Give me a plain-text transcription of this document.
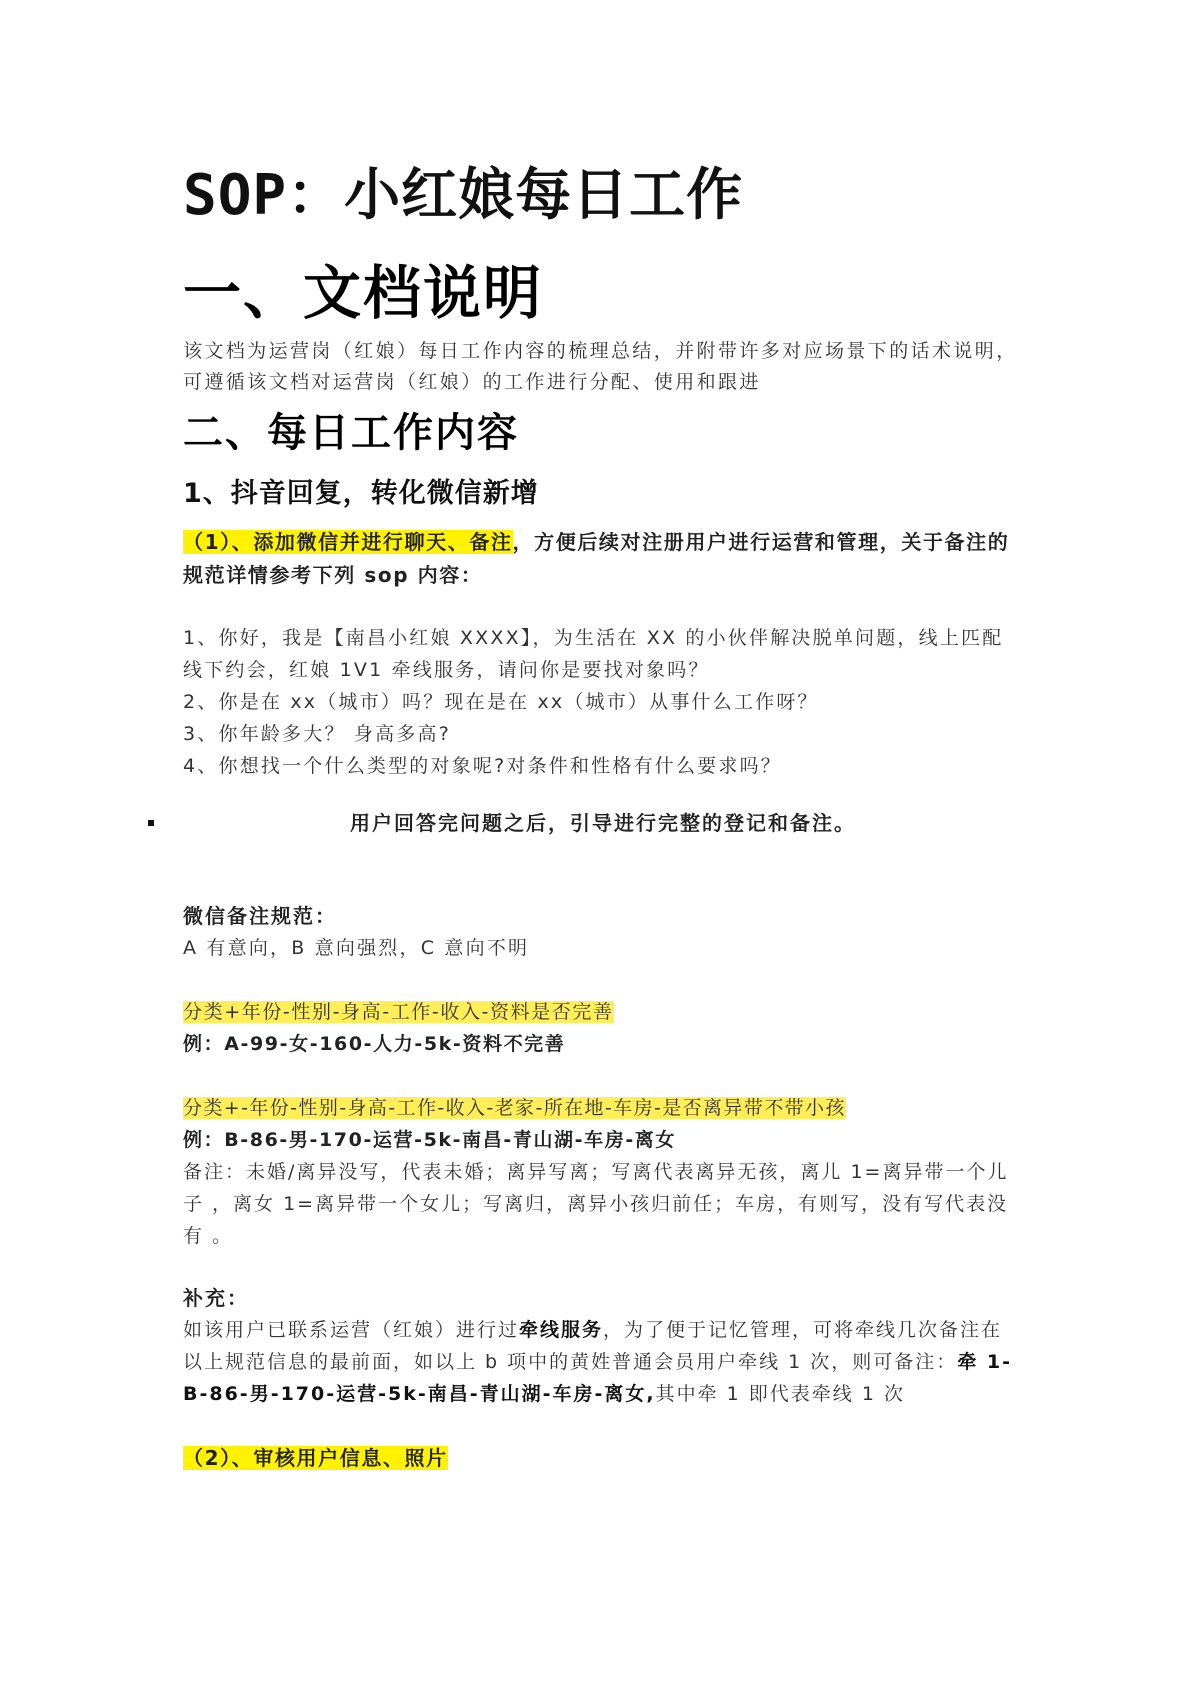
SOP：小红娘每日工作
一、文档说明
该文档为运营岗（红娘）每日工作内容的梳理总结，并附带许多对应场景下的话术说明，可遵循该文档对运营岗（红娘）的工作进行分配、使用和跟进
二、每日工作内容
1、抖音回复，转化微信新增
（1）、添加微信并进行聊天、备注，方便后续对注册用户进行运营和管理，关于备注的规范详情参考下列 sop 内容：
1、你好，我是【南昌小红娘 XXXX】，为生活在 XX 的小伙伴解决脱单问题，线上匹配线下约会，红娘 1V1 牵线服务，请问你是要找对象吗？
2、你是在 xx（城市）吗？现在是在 xx（城市）从事什么工作呀？
3、你年龄多大？ 身高多高?
4、你想找一个什么类型的对象呢?对条件和性格有什么要求吗？
用户回答完问题之后，引导进行完整的登记和备注。
微信备注规范：
A 有意向，B 意向强烈，C 意向不明
分类+年份-性别-身高-工作-收入-资料是否完善
例：A-99-女-160-人力-5k-资料不完善
分类+-年份-性别-身高-工作-收入-老家-所在地-车房-是否离异带不带小孩
例：B-86-男-170-运营-5k-南昌-青山湖-车房-离女
备注：未婚/离异没写，代表未婚；离异写离；写离代表离异无孩，离儿 1=离异带一个儿子 ，离女 1=离异带一个女儿；写离归，离异小孩归前任；车房，有则写，没有写代表没有 。
补充：
如该用户已联系运营（红娘）进行过牵线服务，为了便于记忆管理，可将牵线几次备注在以上规范信息的最前面，如以上 b 项中的黄姓普通会员用户牵线 1 次，则可备注：牵 1-B-86-男-170-运营-5k-南昌-青山湖-车房-离女,其中牵 1 即代表牵线 1 次
（2）、审核用户信息、照片
